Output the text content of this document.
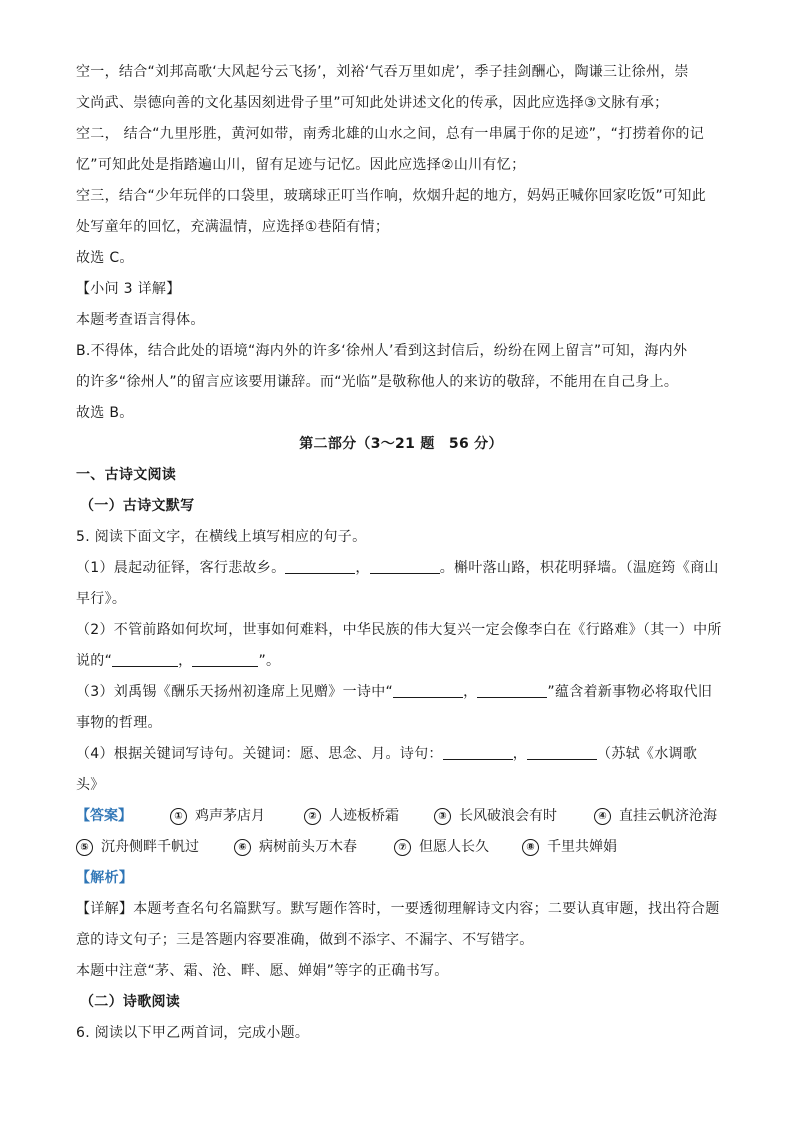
空一，结合“刘邦高歌‘大风起兮云飞扬’，刘裕‘气吞万里如虎’，季子挂剑酬心，陶谦三让徐州，崇

文尚武、崇德向善的文化基因刻进骨子里”可知此处讲述文化的传承，因此应选择③文脉有承；

空二， 结合“九里彤胜，黄河如带，南秀北雄的山水之间，总有一串属于你的足迹”，“打捞着你的记

忆”可知此处是指踏遍山川，留有足迹与记忆。因此应选择②山川有忆；

空三，结合“少年玩伴的口袋里，玻璃球正叮当作响，炊烟升起的地方，妈妈正喊你回家吃饭”可知此

处写童年的回忆，充满温情，应选择①巷陌有情；

故选 C。

【小问 3 详解】

本题考查语言得体。

B.不得体，结合此处的语境“海内外的许多‘徐州人’看到这封信后，纷纷在网上留言”可知，海内外

的许多“徐州人”的留言应该要用谦辞。而“光临”是敬称他人的来访的敬辞，不能用在自己身上。

故选 B。

第二部分（3～21 题　56 分）

一、古诗文阅读

（一）古诗文默写

5. 阅读下面文字，在横线上填写相应的句子。

（1）晨起动征铎，客行悲故乡。	，	。槲叶落山路，枳花明驿墙。（温庭筠《商山

早行》。

（2）不管前路如何坎坷，世事如何难料，中华民族的伟大复兴一定会像李白在《行路难》（其一）中所

说的“	，	”。

（3）刘禹锡《酬乐天扬州初逢席上见赠》一诗中“	，	”蕴含着新事物必将取代旧

事物的哲理。

（4）根据关键词写诗句。关键词：愿、思念、月。诗句：	，	（苏轼《水调歌

头》

【答案】	① 鸡声茅店月	② 人迹板桥霜	③ 长风破浪会有时	④ 直挂云帆济沧海
⑤ 沉舟侧畔千帆过	⑥ 病树前头万木春	⑦ 但愿人长久	⑧ 千里共婵娟

【解析】

【详解】本题考查名句名篇默写。默写题作答时，一要透彻理解诗文内容；二要认真审题，找出符合题

意的诗文句子；三是答题内容要准确，做到不添字、不漏字、不写错字。

本题中注意“茅、霜、沧、畔、愿、婵娟”等字的正确书写。

（二）诗歌阅读

6. 阅读以下甲乙两首词，完成小题。
